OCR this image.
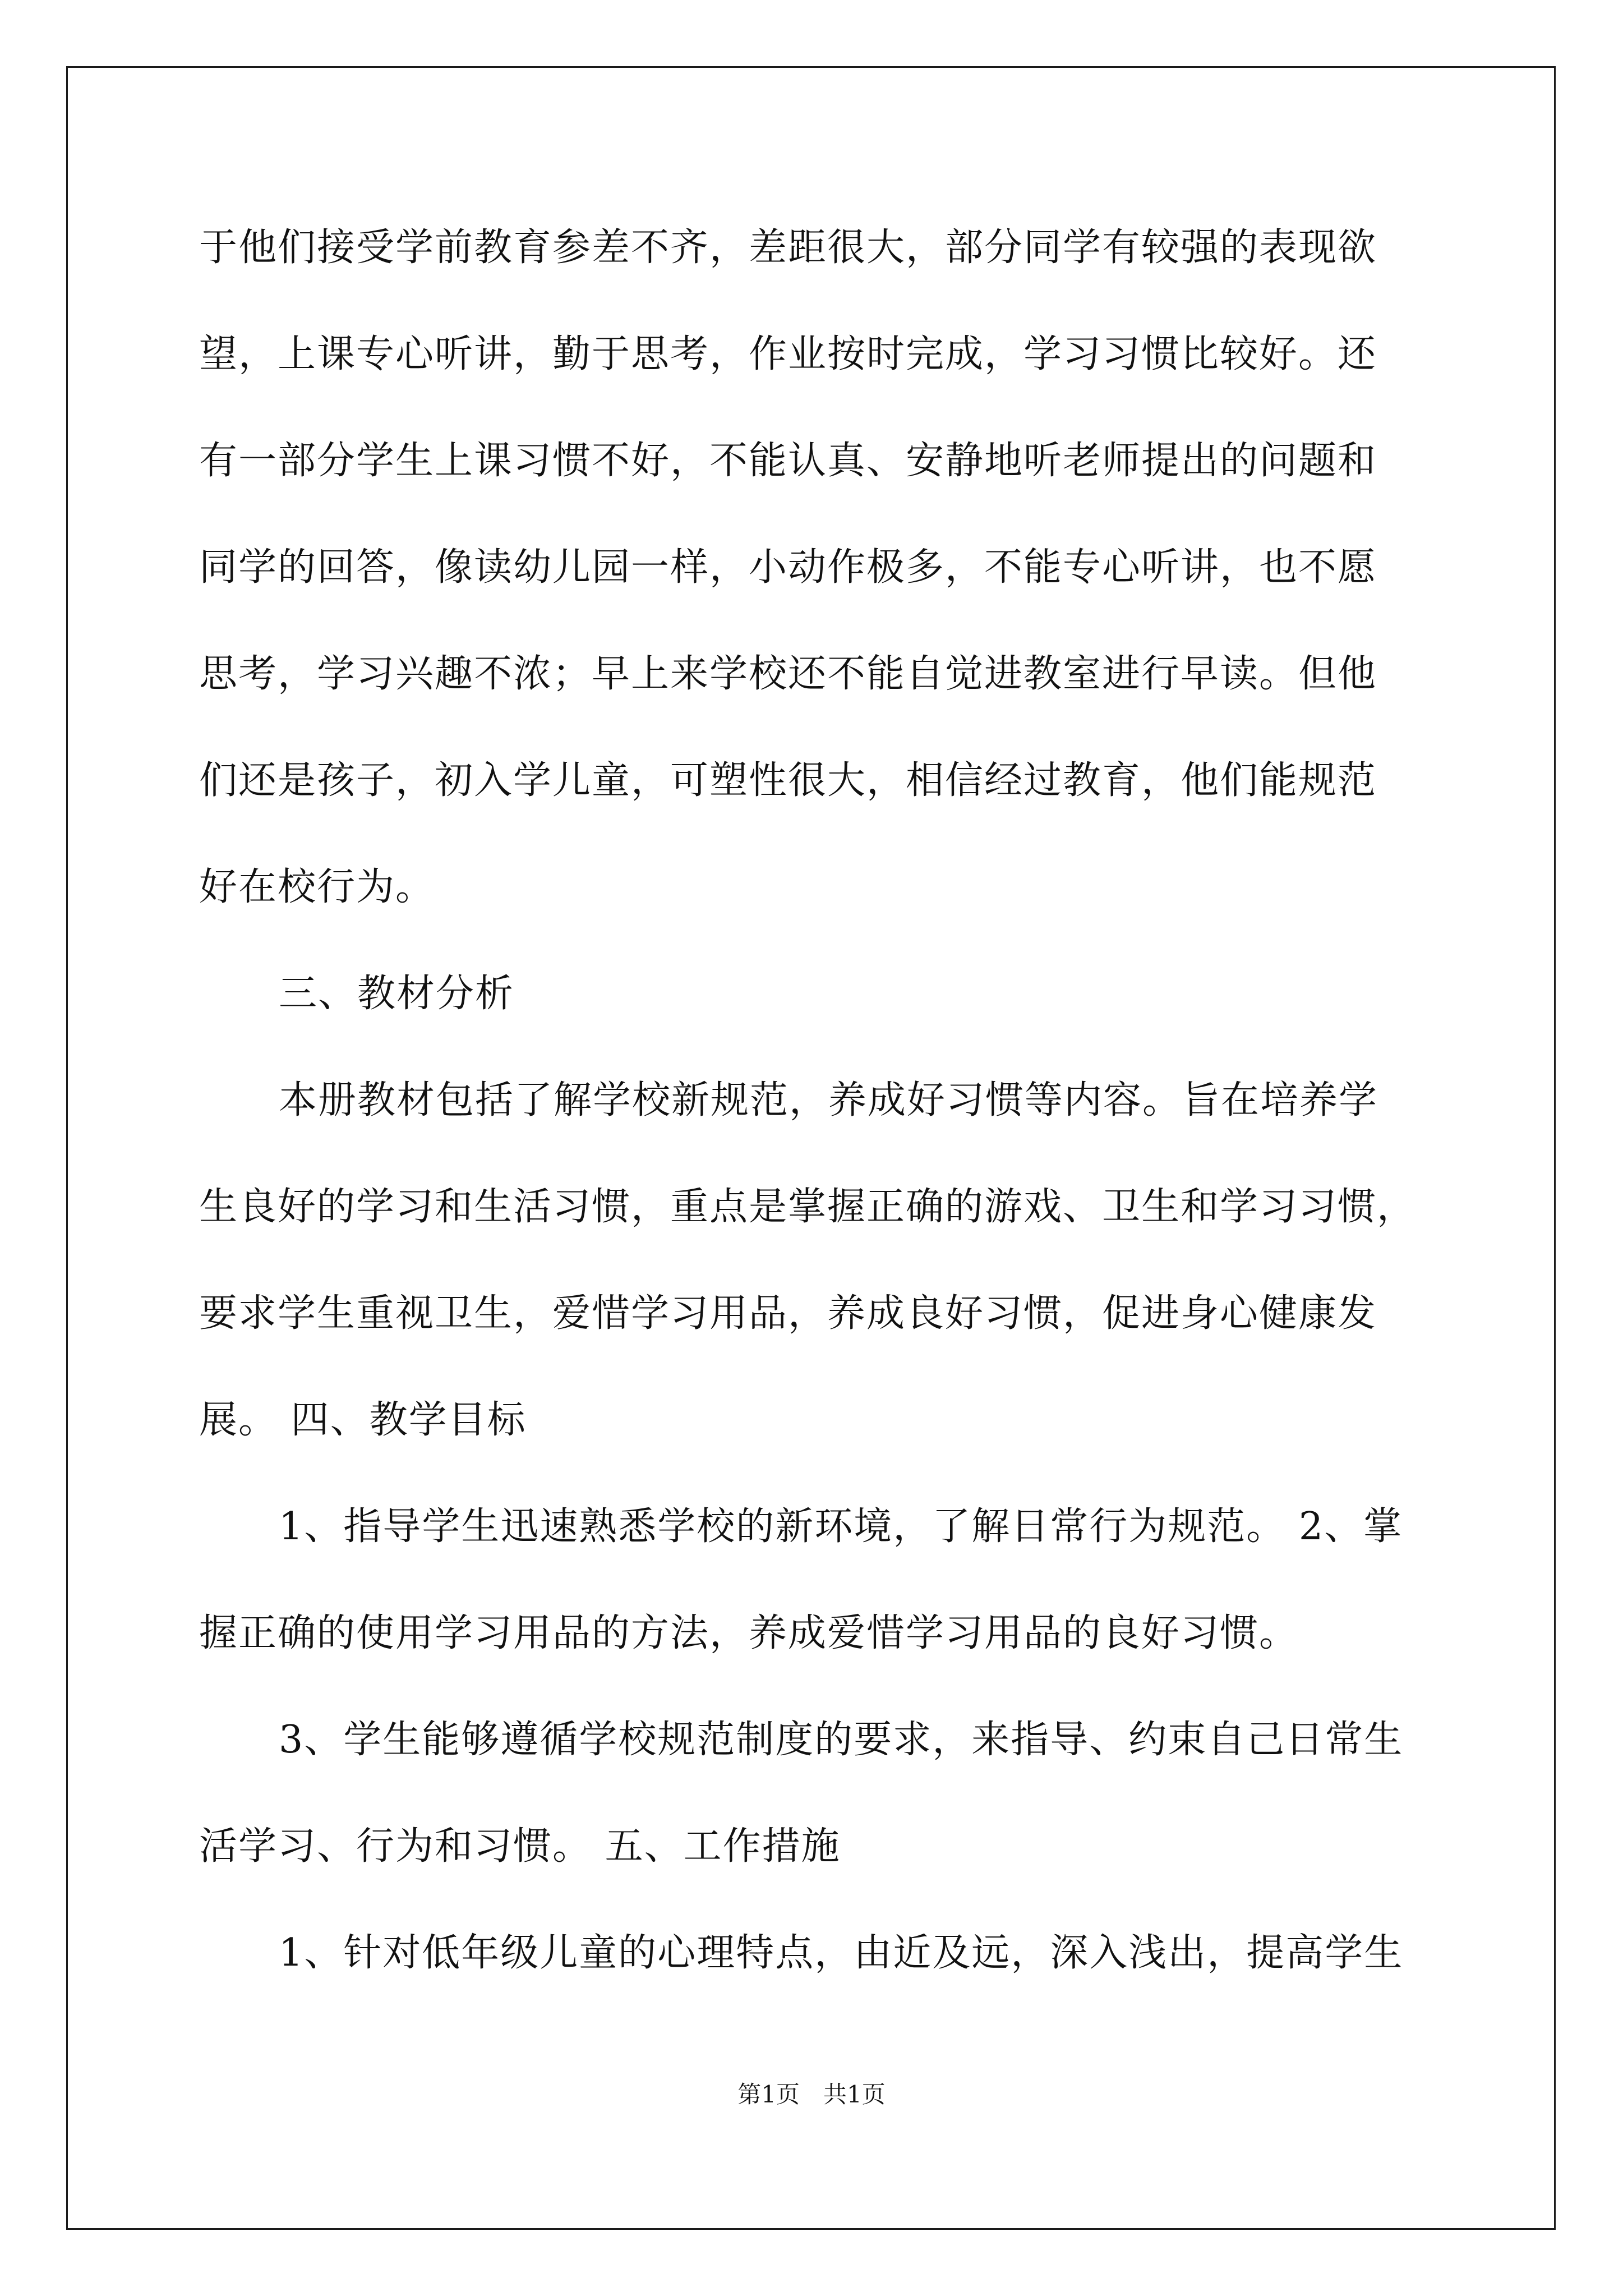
于他们接受学前教育参差不齐，差距很大，部分同学有较强的表现欲
望，上课专心听讲，勤于思考，作业按时完成，学习习惯比较好。还
有一部分学生上课习惯不好，不能认真、安静地听老师提出的问题和
同学的回答，像读幼儿园一样，小动作极多，不能专心听讲，也不愿
思考，学习兴趣不浓；早上来学校还不能自觉进教室进行早读。但他
们还是孩子，初入学儿童，可塑性很大，相信经过教育，他们能规范
好在校行为。
三、教材分析
本册教材包括了解学校新规范，养成好习惯等内容。旨在培养学
生良好的学习和生活习惯，重点是掌握正确的游戏、卫生和学习习惯，
要求学生重视卫生，爱惜学习用品，养成良好习惯，促进身心健康发
展。 四、教学目标
1、指导学生迅速熟悉学校的新环境，了解日常行为规范。 2、掌
握正确的使用学习用品的方法，养成爱惜学习用品的良好习惯。
3、学生能够遵循学校规范制度的要求，来指导、约束自己日常生
活学习、行为和习惯。 五、工作措施
1、针对低年级儿童的心理特点，由近及远，深入浅出，提高学生
第1页　共1页
